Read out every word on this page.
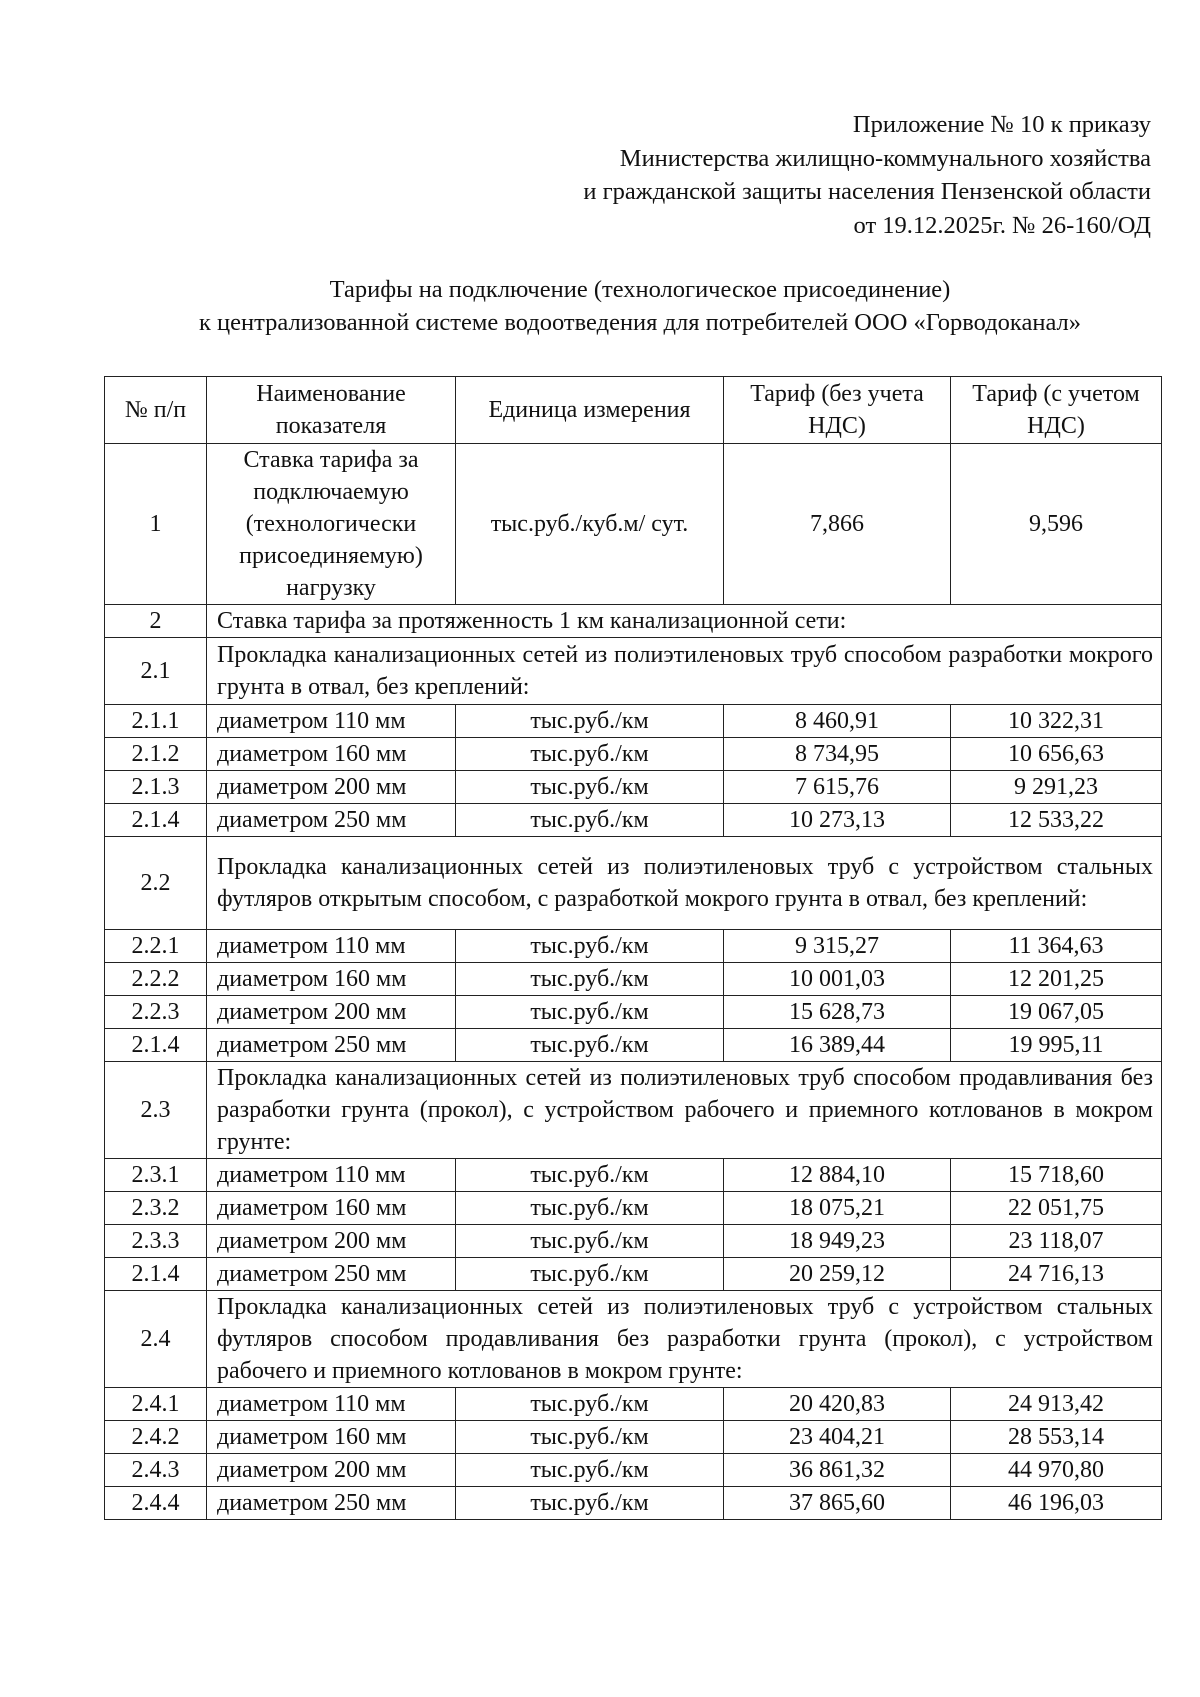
Приложение № 10 к приказу
Министерства жилищно-коммунального хозяйства
и гражданской защиты населения Пензенской области
от 19.12.2025г. № 26-160/ОД
Тарифы на подключение (технологическое присоединение)
к централизованной системе водоотведения для потребителей ООО «Горводоканал»
№ п/п	Наименование показателя	Единица измерения	Тариф (без учета НДС)	Тариф (с учетом НДС)
1	Ставка тарифа за подключаемую (технологически присоединяемую) нагрузку	тыс.руб./куб.м/ сут.	7,866	9,596
2	Ставка тарифа за протяженность 1 км канализационной сети:			
2.1	Прокладка канализационных сетей из полиэтиленовых труб способом разработки мокрого грунта в отвал, без креплений:			
2.1.1	диаметром 110 мм	тыс.руб./км	8 460,91	10 322,31
2.1.2	диаметром 160 мм	тыс.руб./км	8 734,95	10 656,63
2.1.3	диаметром 200 мм	тыс.руб./км	7 615,76	9 291,23
2.1.4	диаметром 250 мм	тыс.руб./км	10 273,13	12 533,22
2.2	Прокладка канализационных сетей из полиэтиленовых труб с устройством стальных футляров открытым способом, с разработкой мокрого грунта в отвал, без креплений:			
2.2.1	диаметром 110 мм	тыс.руб./км	9 315,27	11 364,63
2.2.2	диаметром 160 мм	тыс.руб./км	10 001,03	12 201,25
2.2.3	диаметром 200 мм	тыс.руб./км	15 628,73	19 067,05
2.1.4	диаметром 250 мм	тыс.руб./км	16 389,44	19 995,11
2.3	Прокладка канализационных сетей из полиэтиленовых труб способом продавливания без разработки грунта (прокол), с устройством рабочего и приемного котлованов в мокром грунте:			
2.3.1	диаметром 110 мм	тыс.руб./км	12 884,10	15 718,60
2.3.2	диаметром 160 мм	тыс.руб./км	18 075,21	22 051,75
2.3.3	диаметром 200 мм	тыс.руб./км	18 949,23	23 118,07
2.1.4	диаметром 250 мм	тыс.руб./км	20 259,12	24 716,13
2.4	Прокладка канализационных сетей из полиэтиленовых труб с устройством стальных футляров способом продавливания без разработки грунта (прокол), с устройством рабочего и приемного котлованов в мокром грунте:			
2.4.1	диаметром 110 мм	тыс.руб./км	20 420,83	24 913,42
2.4.2	диаметром 160 мм	тыс.руб./км	23 404,21	28 553,14
2.4.3	диаметром 200 мм	тыс.руб./км	36 861,32	44 970,80
2.4.4	диаметром 250 мм	тыс.руб./км	37 865,60	46 196,03
